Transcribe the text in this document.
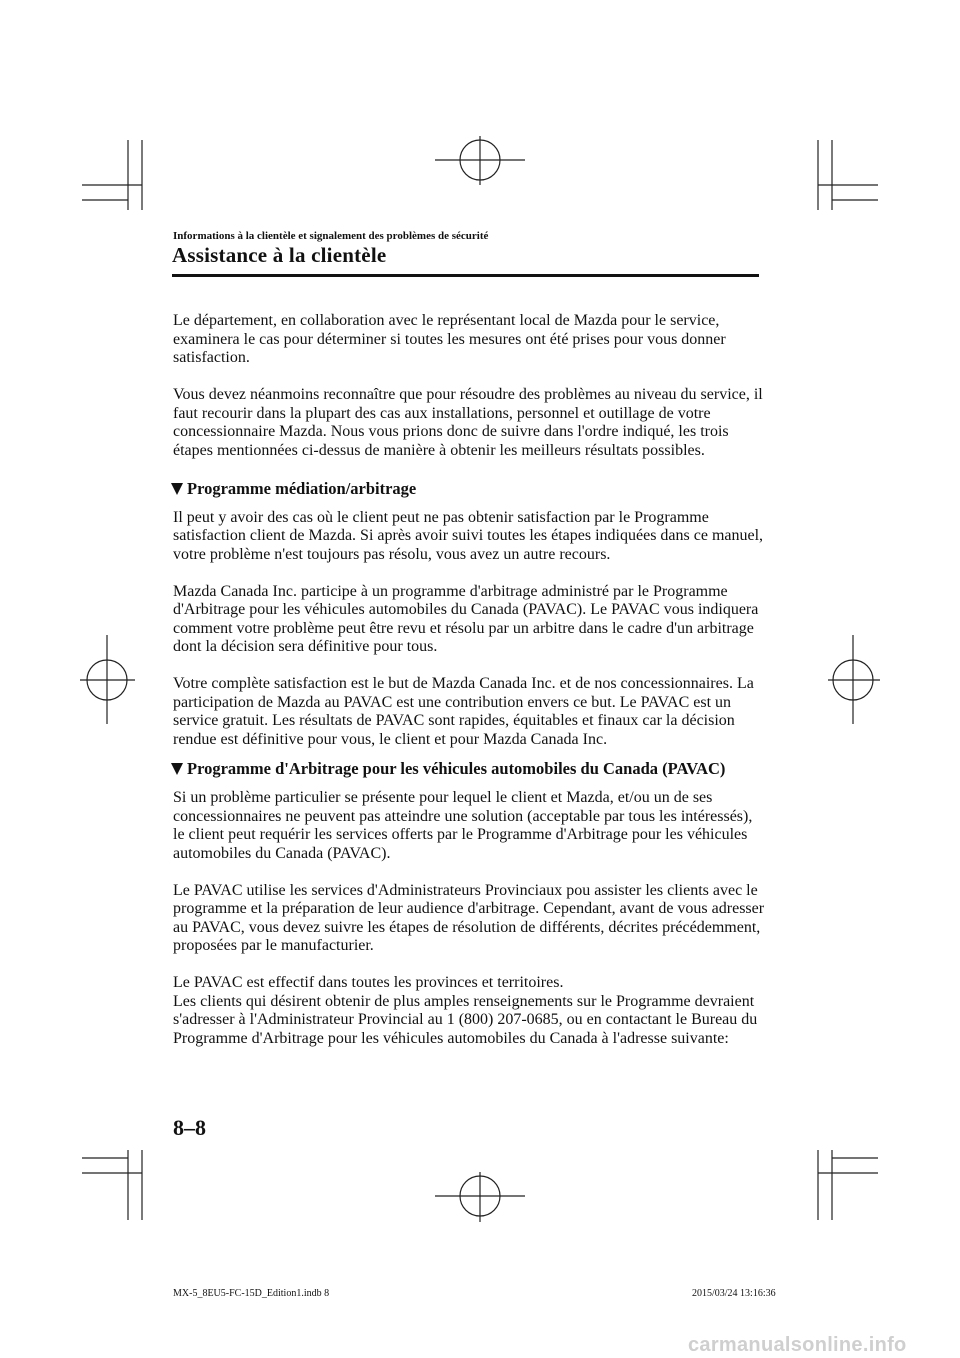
Informations à la clientèle et signalement des problèmes de sécurité
Assistance à la clientèle

Le département, en collaboration avec le représentant local de Mazda pour le service, examinera le cas pour déterminer si toutes les mesures ont été prises pour vous donner satisfaction.

Vous devez néanmoins reconnaître que pour résoudre des problèmes au niveau du service, il faut recourir dans la plupart des cas aux installations, personnel et outillage de votre concessionnaire Mazda. Nous vous prions donc de suivre dans l'ordre indiqué, les trois étapes mentionnées ci-dessus de manière à obtenir les meilleurs résultats possibles.

Programme médiation/arbitrage

Il peut y avoir des cas où le client peut ne pas obtenir satisfaction par le Programme satisfaction client de Mazda. Si après avoir suivi toutes les étapes indiquées dans ce manuel, votre problème n'est toujours pas résolu, vous avez un autre recours.

Mazda Canada Inc. participe à un programme d'arbitrage administré par le Programme d'Arbitrage pour les véhicules automobiles du Canada (PAVAC). Le PAVAC vous indiquera comment votre problème peut être revu et résolu par un arbitre dans le cadre d'un arbitrage dont la décision sera définitive pour tous.

Votre complète satisfaction est le but de Mazda Canada Inc. et de nos concessionnaires. La participation de Mazda au PAVAC est une contribution envers ce but. Le PAVAC est un service gratuit. Les résultats de PAVAC sont rapides, équitables et finaux car la décision rendue est définitive pour vous, le client et pour Mazda Canada Inc.

Programme d'Arbitrage pour les véhicules automobiles du Canada (PAVAC)

Si un problème particulier se présente pour lequel le client et Mazda, et/ou un de ses concessionnaires ne peuvent pas atteindre une solution (acceptable par tous les intéressés), le client peut requérir les services offerts par le Programme d'Arbitrage pour les véhicules automobiles du Canada (PAVAC).

Le PAVAC utilise les services d'Administrateurs Provinciaux pou assister les clients avec le programme et la préparation de leur audience d'arbitrage. Cependant, avant de vous adresser au PAVAC, vous devez suivre les étapes de résolution de différents, décrites précédemment, proposées par le manufacturier.

Le PAVAC est effectif dans toutes les provinces et territoires.

Les clients qui désirent obtenir de plus amples renseignements sur le Programme devraient s'adresser à l'Administrateur Provincial au 1 (800) 207-0685, ou en contactant le Bureau du Programme d'Arbitrage pour les véhicules automobiles du Canada à l'adresse suivante:

8–8
MX-5_8EU5-FC-15D_Edition1.indb 8	2015/03/24 13:16:36
carmanualsonline.info
